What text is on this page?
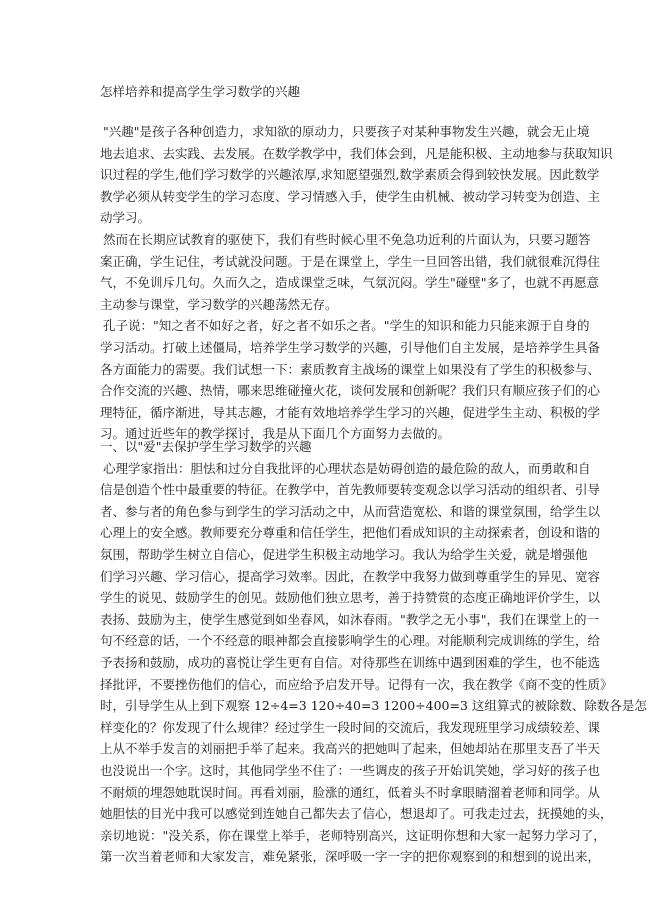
怎样培养和提高学生学习数学的兴趣
"兴趣"是孩子各种创造力，求知欲的原动力，只要孩子对某种事物发生兴趣，就会无止境
地去追求、去实践、去发展。在数学教学中，我们体会到，凡是能积极、主动地参与获取知识
识过程的学生,他们学习数学的兴趣浓厚,求知愿望强烈,数学素质会得到较快发展。因此数学
教学必须从转变学生的学习态度、学习情感入手，使学生由机械、被动学习转变为创造、主
动学习。
然而在长期应试教育的驱使下，我们有些时候心里不免急功近利的片面认为，只要习题答
案正确，学生记住，考试就没问题。于是在课堂上，学生一旦回答出错，我们就很难沉得住
气，不免训斥几句。久而久之，造成课堂乏味，气氛沉闷。学生"碰壁"多了，也就不再愿意
主动参与课堂，学习数学的兴趣荡然无存。
孔子说："知之者不如好之者，好之者不如乐之者。"学生的知识和能力只能来源于自身的
学习活动。打破上述僵局，培养学生学习数学的兴趣，引导他们自主发展，是培养学生具备
各方面能力的需要。我们试想一下：素质教育主战场的课堂上如果没有了学生的积极参与、
合作交流的兴趣、热情，哪来思维碰撞火花，谈何发展和创新呢？我们只有顺应孩子们的心
理特征，循序渐进，导其志趣，才能有效地培养学生学习的兴趣，促进学生主动、积极的学
习。通过近些年的教学探讨，我是从下面几个方面努力去做的。
一、以"爱"去保护学生学习数学的兴趣
心理学家指出：胆怯和过分自我批评的心理状态是妨碍创造的最危险的敌人，而勇敢和自
信是创造个性中最重要的特征。在教学中，首先教师要转变观念以学习活动的组织者、引导
者、参与者的角色参与到学生的学习活动之中，从而营造宽松、和谐的课堂氛围，给学生以
心理上的安全感。教师要充分尊重和信任学生，把他们看成知识的主动探索者，创设和谐的
氛围，帮助学生树立自信心，促进学生积极主动地学习。我认为给学生关爱，就是增强他
们学习兴趣、学习信心，提高学习效率。因此，在教学中我努力做到尊重学生的异见、宽容
学生的说见、鼓励学生的创见。鼓励他们独立思考，善于持赞赏的态度正确地评价学生，以
表扬、鼓励为主，使学生感觉到如坐春风，如沐春雨。"教学之无小事"，我们在课堂上的一
句不经意的话，一个不经意的眼神都会直接影响学生的心理。对能顺利完成训练的学生，给
予表扬和鼓励，成功的喜悦让学生更有自信。对待那些在训练中遇到困难的学生，也不能选
择批评，不要挫伤他们的信心，而应给予启发开导。记得有一次，我在教学《商不变的性质》
时，引导学生从上到下观察 12÷4=3 120÷40=3 1200÷400=3 这组算式的被除数、除数各是怎
样变化的？你发现了什么规律？经过学生一段时间的交流后，我发现班里学习成绩较差、课
上从不举手发言的刘丽把手举了起来。我高兴的把她叫了起来，但她却站在那里支吾了半天
也没说出一个字。这时，其他同学坐不住了：一些调皮的孩子开始讥笑她，学习好的孩子也
不耐烦的埋怨她耽误时间。再看刘丽，脸涨的通红，低着头不时拿眼睛溜着老师和同学。从
她胆怯的目光中我可以感觉到连她自己都失去了信心，想退却了。可我走过去，抚摸她的头，
亲切地说："没关系，你在课堂上举手，老师特别高兴，这证明你想和大家一起努力学习了，
第一次当着老师和大家发言，难免紧张，深呼吸一字一字的把你观察到的和想到的说出来，
